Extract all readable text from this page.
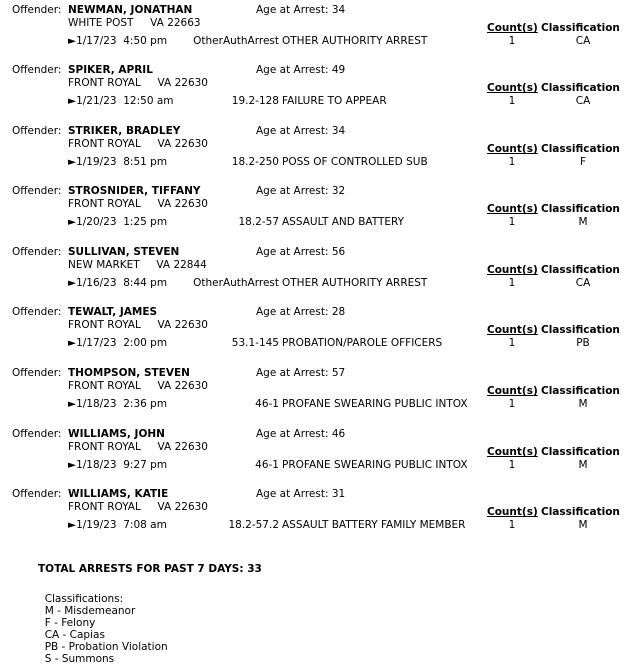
Offender: NEWMAN, JONATHAN	Age at Arrest: 34
WHITE POST VA 22663	Count(s) Classification
►1/17/23 4:50 pm OtherAuthArrest OTHER AUTHORITY ARREST	1	CA
Offender: SPIKER, APRIL	Age at Arrest: 49
FRONT ROYAL VA 22630	Count(s) Classification
►1/21/23 12:50 am	19.2-128 FAILURE TO APPEAR	1	CA
Offender: STRIKER, BRADLEY	Age at Arrest: 34
FRONT ROYAL VA 22630	Count(s) Classification
►1/19/23 8:51 pm	18.2-250 POSS OF CONTROLLED SUB	1	F
Offender: STROSNIDER, TIFFANY	Age at Arrest: 32
FRONT ROYAL VA 22630	Count(s) Classification
►1/20/23 1:25 pm	18.2-57 ASSAULT AND BATTERY	1	M
Offender: SULLIVAN, STEVEN	Age at Arrest: 56
NEW MARKET VA 22844	Count(s) Classification
►1/16/23 8:44 pm OtherAuthArrest OTHER AUTHORITY ARREST	1	CA
Offender: TEWALT, JAMES	Age at Arrest: 28
FRONT ROYAL VA 22630	Count(s) Classification
►1/17/23 2:00 pm	53.1-145 PROBATION/PAROLE OFFICERS	1	PB
Offender: THOMPSON, STEVEN	Age at Arrest: 57
FRONT ROYAL VA 22630	Count(s) Classification
►1/18/23 2:36 pm	46-1 PROFANE SWEARING PUBLIC INTOX	1	M
Offender: WILLIAMS, JOHN	Age at Arrest: 46
FRONT ROYAL VA 22630	Count(s) Classification
►1/18/23 9:27 pm	46-1 PROFANE SWEARING PUBLIC INTOX	1	M
Offender: WILLIAMS, KATIE	Age at Arrest: 31
FRONT ROYAL VA 22630	Count(s) Classification
►1/19/23 7:08 am	18.2-57.2 ASSAULT BATTERY FAMILY MEMBER	1	M
TOTAL ARRESTS FOR PAST 7 DAYS: 33

Classifications:
M - Misdemeanor
F - Felony
CA - Capias
PB - Probation Violation
S - Summons
